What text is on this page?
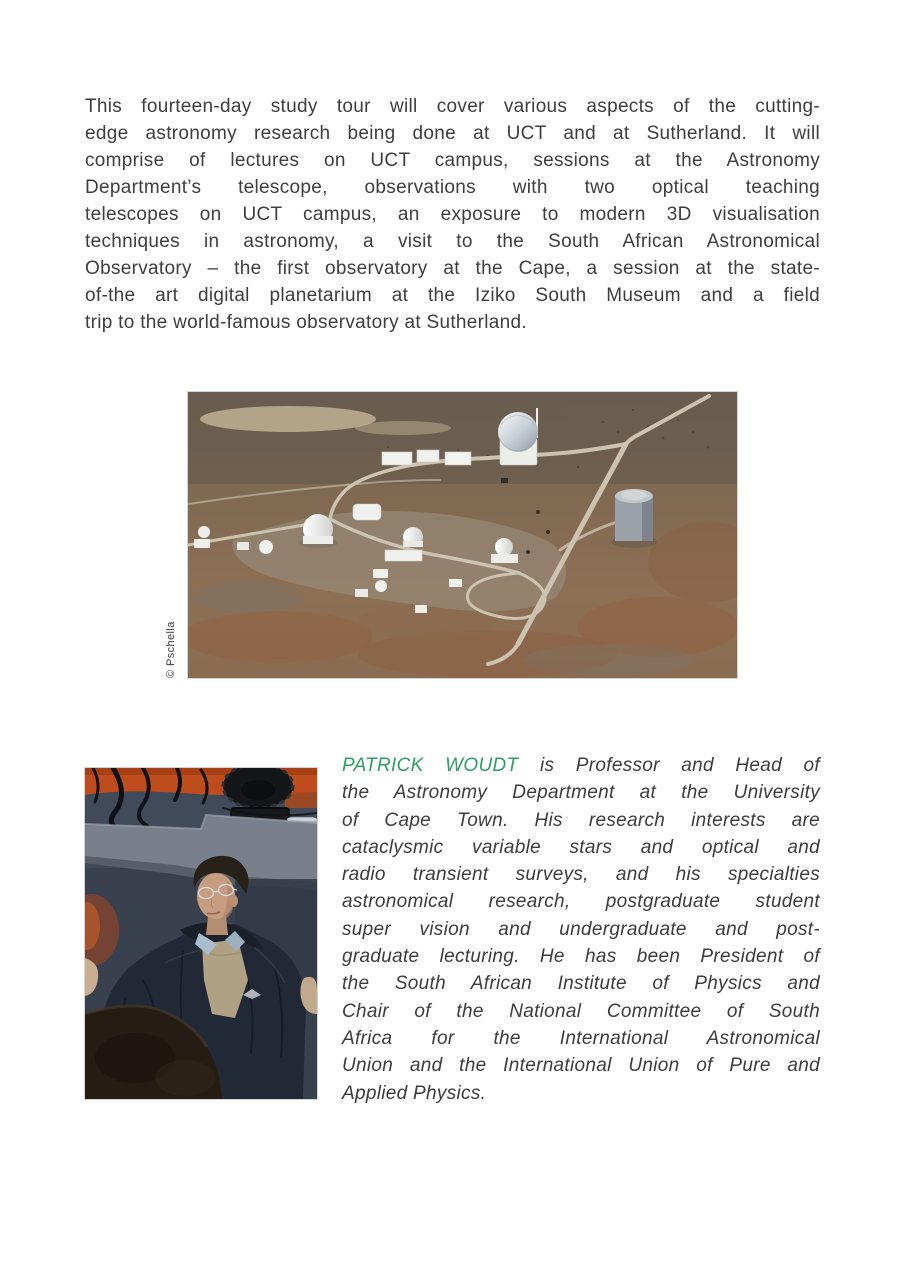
This fourteen-day study tour will cover various aspects of the cutting-
edge astronomy research being done at UCT and at Sutherland. It will
comprise of lectures on UCT campus, sessions at the Astronomy
Department’s telescope, observations with two optical teaching
telescopes on UCT campus, an exposure to modern 3D visualisation
techniques in astronomy, a visit to the South African Astronomical
Observatory – the first observatory at the Cape, a session at the state-
of-the art digital planetarium at the Iziko South Museum and a field
trip to the world-famous observatory at Sutherland.
© Pschella
PATRICK WOUDT is Professor and Head of
the Astronomy Department at the University
of Cape Town. His research interests are
cataclysmic variable stars and optical and
radio transient surveys, and his specialties
astronomical research, postgraduate student
super vision and undergraduate and post-
graduate lecturing. He has been President of
the South African Institute of Physics and
Chair of the National Committee of South
Africa for the International Astronomical
Union and the International Union of Pure and
Applied Physics.
